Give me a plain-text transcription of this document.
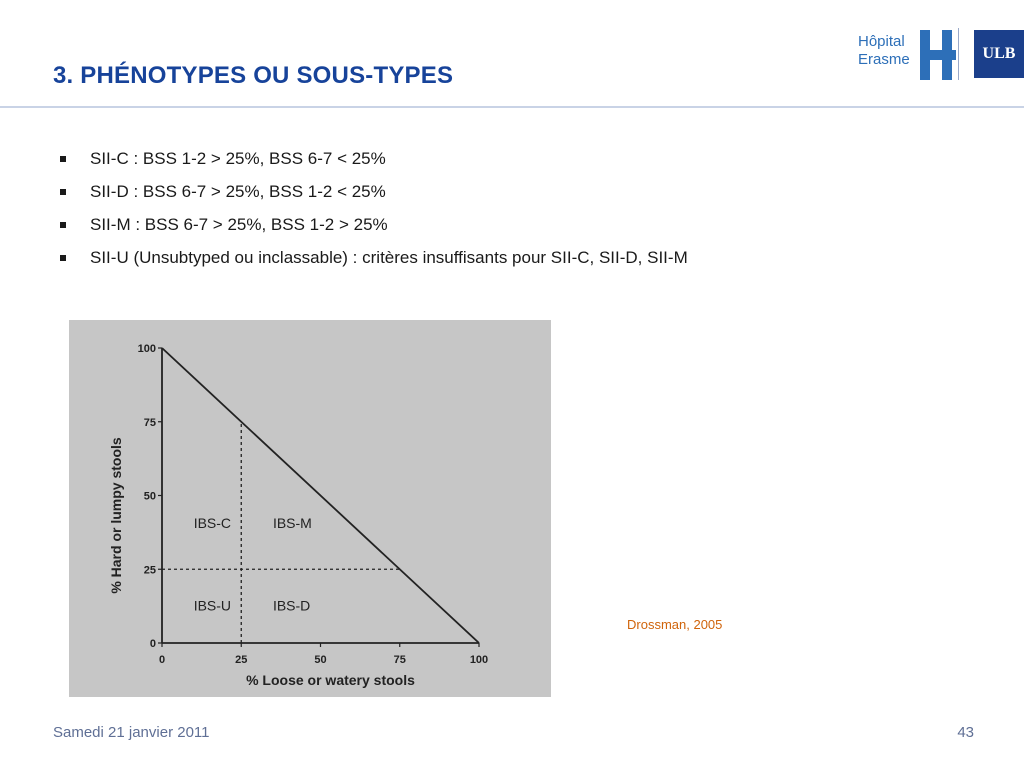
3. PHÉNOTYPES OU SOUS-TYPES
Hôpital
Erasme	ULB
SII-C : BSS 1-2 > 25%, BSS 6-7 < 25%
SII-D : BSS 6-7 > 25%, BSS 1-2 < 25%
SII-M : BSS 6-7 > 25%, BSS 1-2 > 25%
SII-U (Unsubtyped ou inclassable) : critères insuffisants pour SII-C, SII-D, SII-M
0	25	50	75	100
0
25
50
75
100
% Loose or watery stools
% Hard or lumpy stools	IBS-C	IBS-M
IBS-U	IBS-D
Drossman, 2005
Samedi 21 janvier 2011	43
